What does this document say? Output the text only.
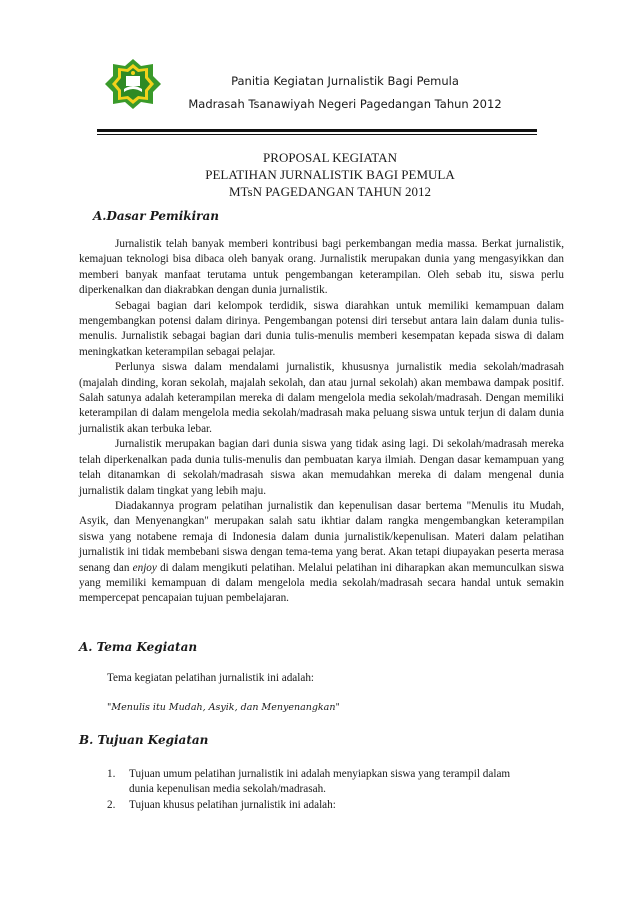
Panitia Kegiatan Jurnalistik Bagi Pemula
Madrasah Tsanawiyah Negeri Pagedangan Tahun 2012
PROPOSAL KEGIATAN
PELATIHAN JURNALISTIK BAGI PEMULA
MTsN PAGEDANGAN TAHUN 2012
A.Dasar Pemikiran

Jurnalistik telah banyak memberi kontribusi bagi perkembangan media massa. Berkat jurnalistik, kemajuan teknologi bisa dibaca oleh banyak orang. Jurnalistik merupakan dunia yang mengasyikkan dan memberi banyak manfaat terutama untuk pengembangan keterampilan. Oleh sebab itu, siswa perlu diperkenalkan dan diakrabkan dengan dunia jurnalistik.

Sebagai bagian dari kelompok terdidik, siswa diarahkan untuk memiliki kemampuan dalam mengembangkan potensi dalam dirinya. Pengembangan potensi diri tersebut antara lain dalam dunia tulis-menulis. Jurnalistik sebagai bagian dari dunia tulis-menulis memberi kesempatan kepada siswa di dalam meningkatkan keterampilan sebagai pelajar.

Perlunya siswa dalam mendalami jurnalistik, khususnya jurnalistik media sekolah/madrasah (majalah dinding, koran sekolah, majalah sekolah, dan atau jurnal sekolah) akan membawa dampak positif. Salah satunya adalah keterampilan mereka di dalam mengelola media sekolah/madrasah. Dengan memiliki keterampilan di dalam mengelola media sekolah/madrasah maka peluang siswa untuk terjun di dalam dunia jurnalistik akan terbuka lebar.

Jurnalistik merupakan bagian dari dunia siswa yang tidak asing lagi. Di sekolah/madrasah mereka telah diperkenalkan pada dunia tulis-menulis dan pembuatan karya ilmiah. Dengan dasar kemampuan yang telah ditanamkan di sekolah/madrasah siswa akan memudahkan mereka di dalam mengenal dunia jurnalistik dalam tingkat yang lebih maju.

Diadakannya program pelatihan jurnalistik dan kepenulisan dasar bertema "Menulis itu Mudah, Asyik, dan Menyenangkan" merupakan salah satu ikhtiar dalam rangka mengembangkan keterampilan siswa yang notabene remaja di Indonesia dalam dunia jurnalistik/kepenulisan. Materi dalam pelatihan jurnalistik ini tidak membebani siswa dengan tema-tema yang berat. Akan tetapi diupayakan peserta merasa senang dan enjoy di dalam mengikuti pelatihan. Melalui pelatihan ini diharapkan akan memunculkan siswa yang memiliki kemampuan di dalam mengelola media sekolah/madrasah secara handal untuk semakin mempercepat pencapaian tujuan pembelajaran.

A. Tema Kegiatan
Tema kegiatan pelatihan jurnalistik ini adalah:
"Menulis itu Mudah, Asyik, dan Menyenangkan"
B. Tujuan Kegiatan
1.	Tujuan umum pelatihan jurnalistik ini adalah menyiapkan siswa yang terampil dalam dunia kepenulisan media sekolah/madrasah.
2.	Tujuan khusus pelatihan jurnalistik ini adalah:
